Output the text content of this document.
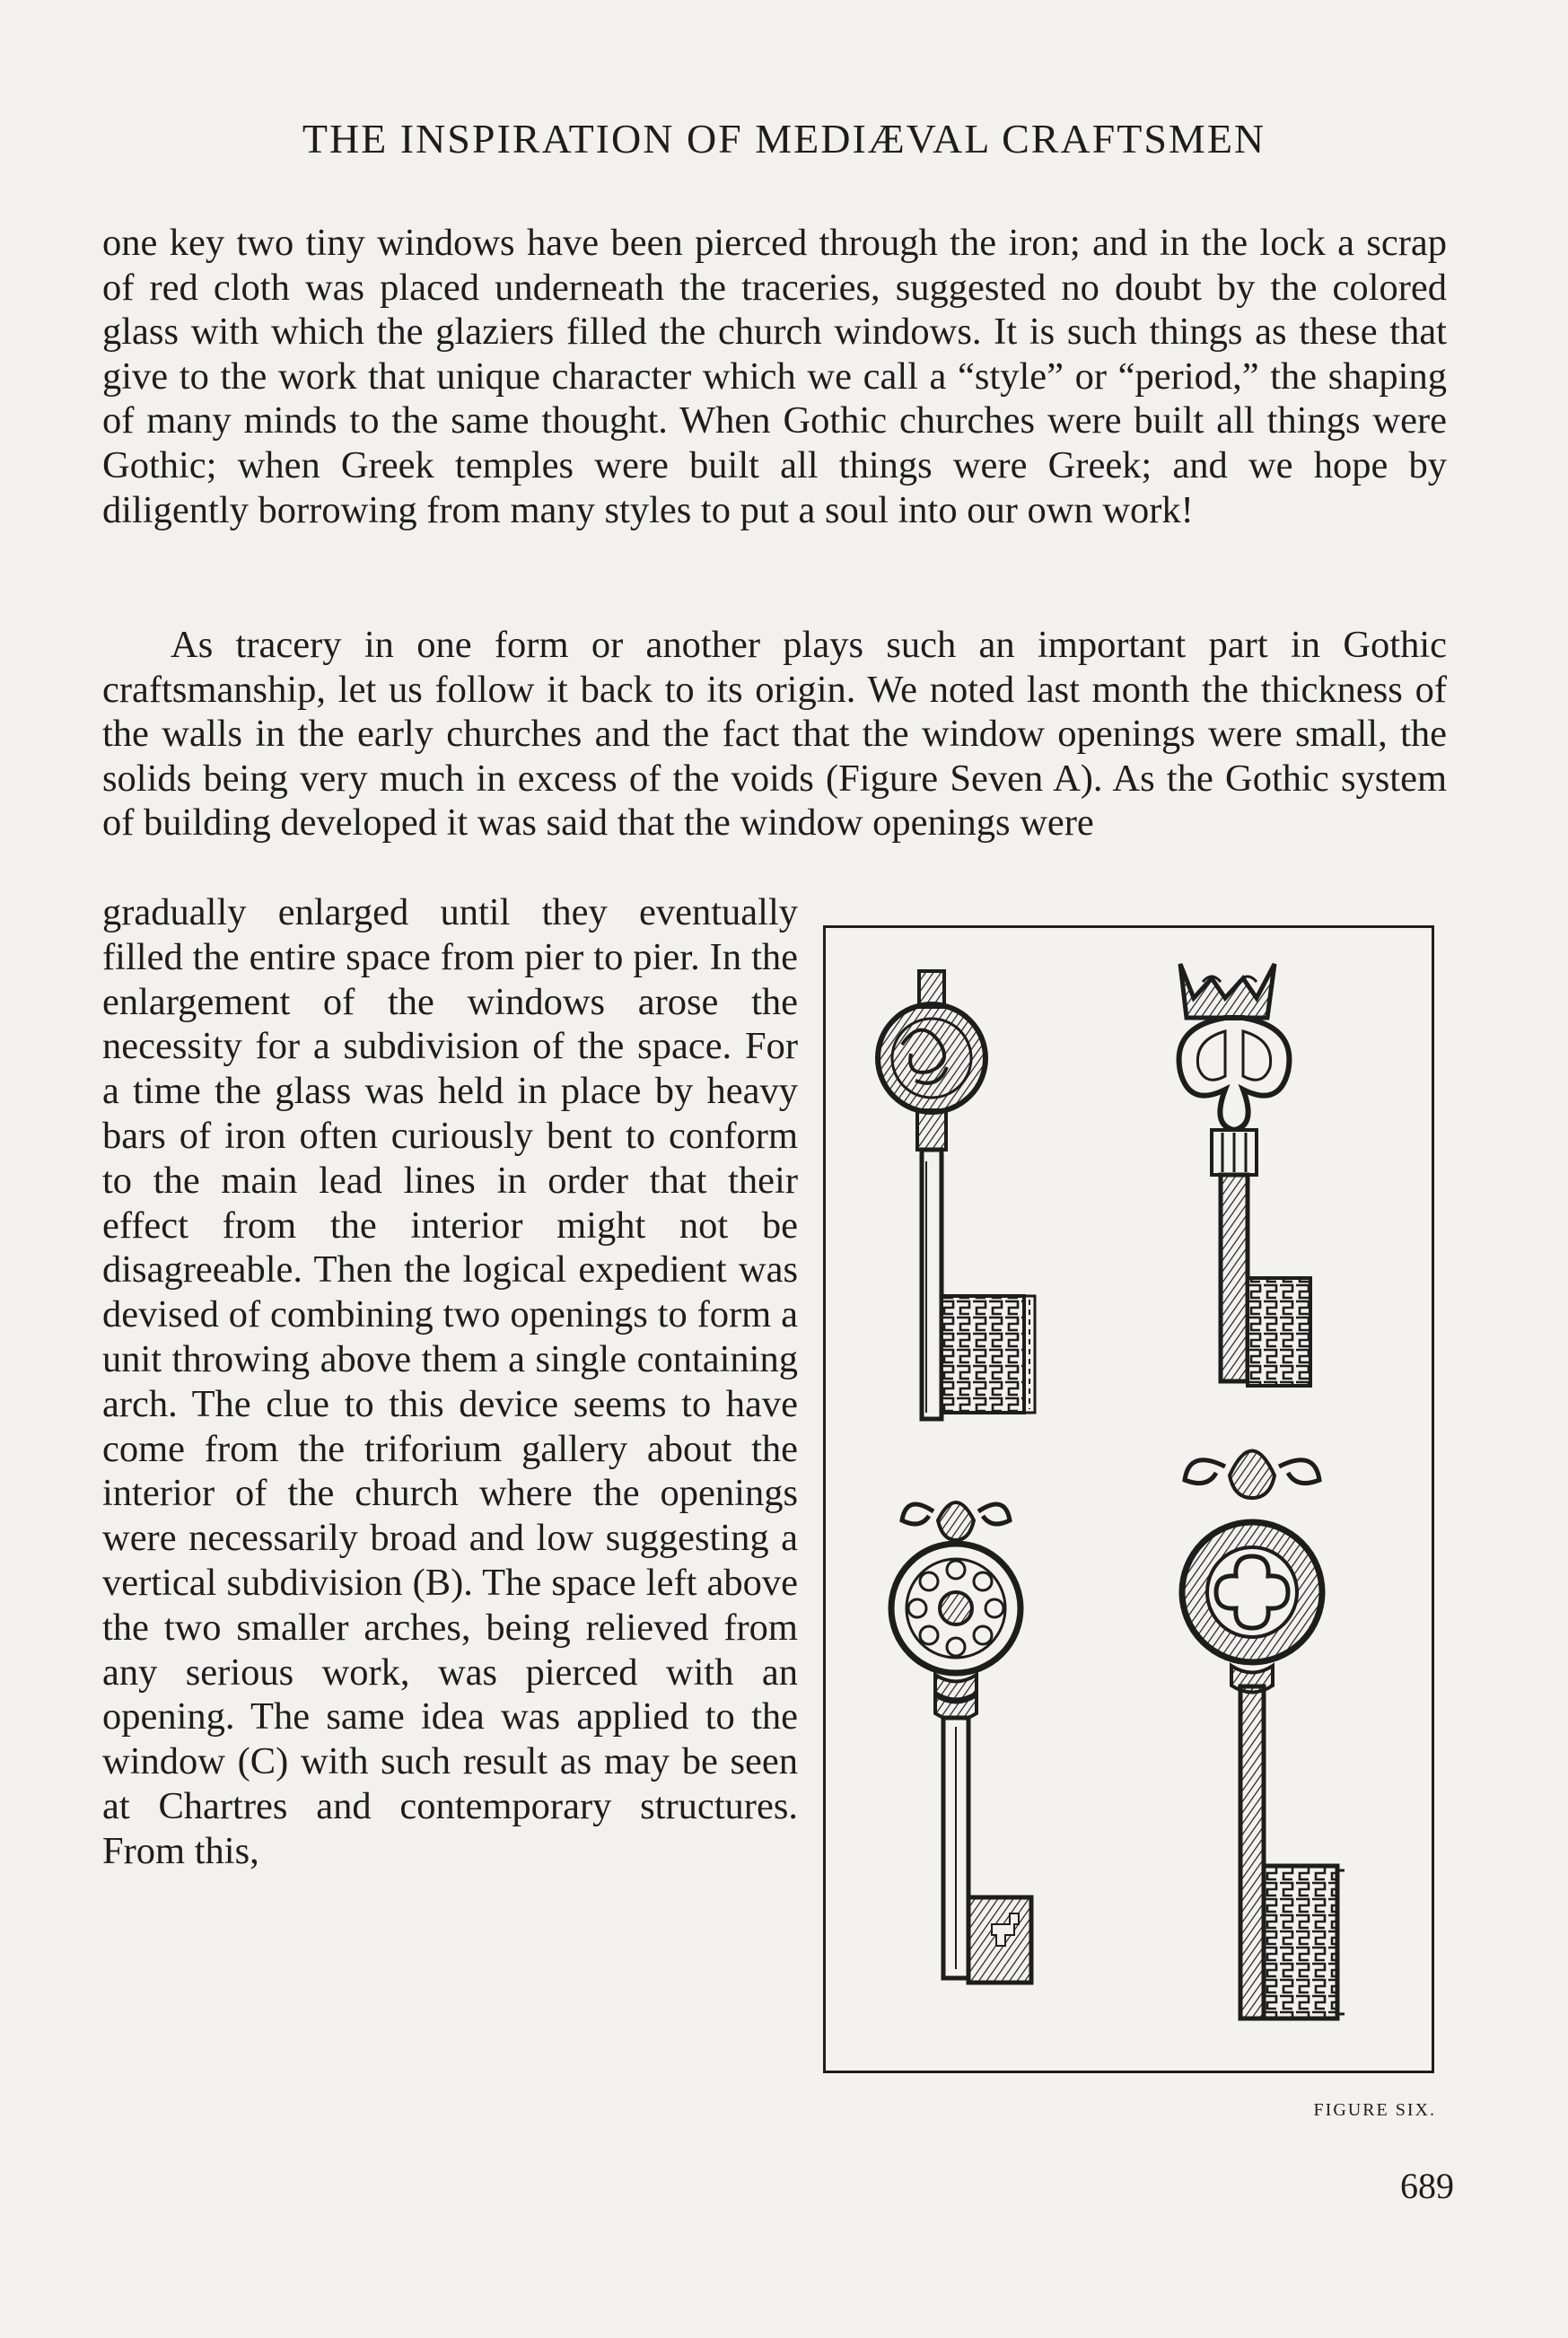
THE INSPIRATION OF MEDIÆVAL CRAFTSMEN

one key two tiny windows have been pierced through the iron; and in the lock a scrap of red cloth was placed underneath the traceries, suggested no doubt by the colored glass with which the glaziers filled the church windows. It is such things as these that give to the work that unique character which we call a “style” or “period,” the shaping of many minds to the same thought. When Gothic churches were built all things were Gothic; when Greek temples were built all things were Greek; and we hope by diligently borrowing from many styles to put a soul into our own work!

As tracery in one form or another plays such an important part in Gothic craftsmanship, let us follow it back to its origin. We noted last month the thickness of the walls in the early churches and the fact that the window openings were small, the solids being very much in excess of the voids (Figure Seven A). As the Gothic system of building developed it was said that the window openings were

gradually enlarged until they eventually filled the entire space from pier to pier. In the enlargement of the windows arose the necessity for a subdivision of the space. For a time the glass was held in place by heavy bars of iron often curiously bent to conform to the main lead lines in order that their effect from the interior might not be disagreeable. Then the logical expedient was devised of combining two openings to form a unit throwing above them a single containing arch. The clue to this device seems to have come from the triforium gallery about the interior of the church where the openings were necessarily broad and low suggesting a vertical subdivision (B). The space left above the two smaller arches, being relieved from any serious work, was pierced with an opening. The same idea was applied to the window (C) with such result as may be seen at Chartres and contemporary structures. From this,

FIGURE SIX.
689
